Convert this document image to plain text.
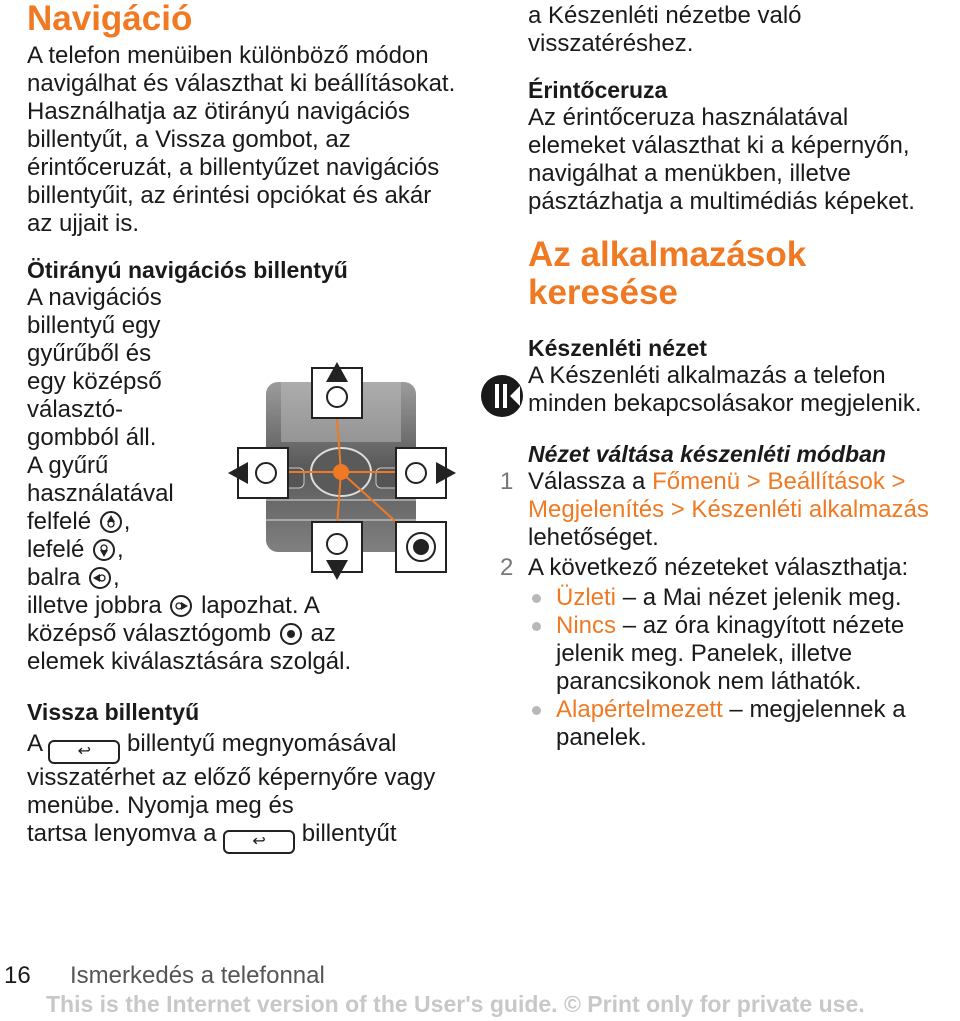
Navigáció

A telefon menüiben különböző módon navigálhat és választhat ki beállításokat. Használhatja az ötirányú navigációs billentyűt, a Vissza gombot, az érintőceruzát, a billentyűzet navigációs billentyűit, az érintési opciókat és akár az ujjait is.

Ötirányú navigációs billentyű
A navigációs
billentyű egy
gyűrűből és
egy középső
választó-
gombból áll.
A gyűrű
használatával
felfelé ,
lefelé ,
balra ,
illetve jobbra lapozhat. A
középső választógomb az
elemek kiválasztására szolgál.
Vissza billentyű
A ↩ billentyű megnyomásával
visszatérhet az előző képernyőre vagy menübe. Nyomja meg és
tartsa lenyomva a ↩ billentyűt

a Készenléti nézetbe való visszatéréshez.

Érintőceruza

Az érintőceruza használatával elemeket választhat ki a képernyőn, navigálhat a menükben, illetve pásztázhatja a multimédiás képeket.

Az alkalmazások keresése
Készenléti nézet

A Készenléti alkalmazás a telefon minden bekapcsolásakor megjelenik.

Nézet váltása készenléti módban
1 Válassza a Főmenü > Beállítások > Megjelenítés > Készenléti alkalmazás lehetőséget.
2 A következő nézeteket választhatja:
Üzleti – a Mai nézet jelenik meg.
Nincs – az óra kinagyított nézete jelenik meg. Panelek, illetve parancsikonok nem láthatók.
Alapértelmezett – megjelennek a panelek.
16 Ismerkedés a telefonnal
This is the Internet version of the User's guide. © Print only for private use.
